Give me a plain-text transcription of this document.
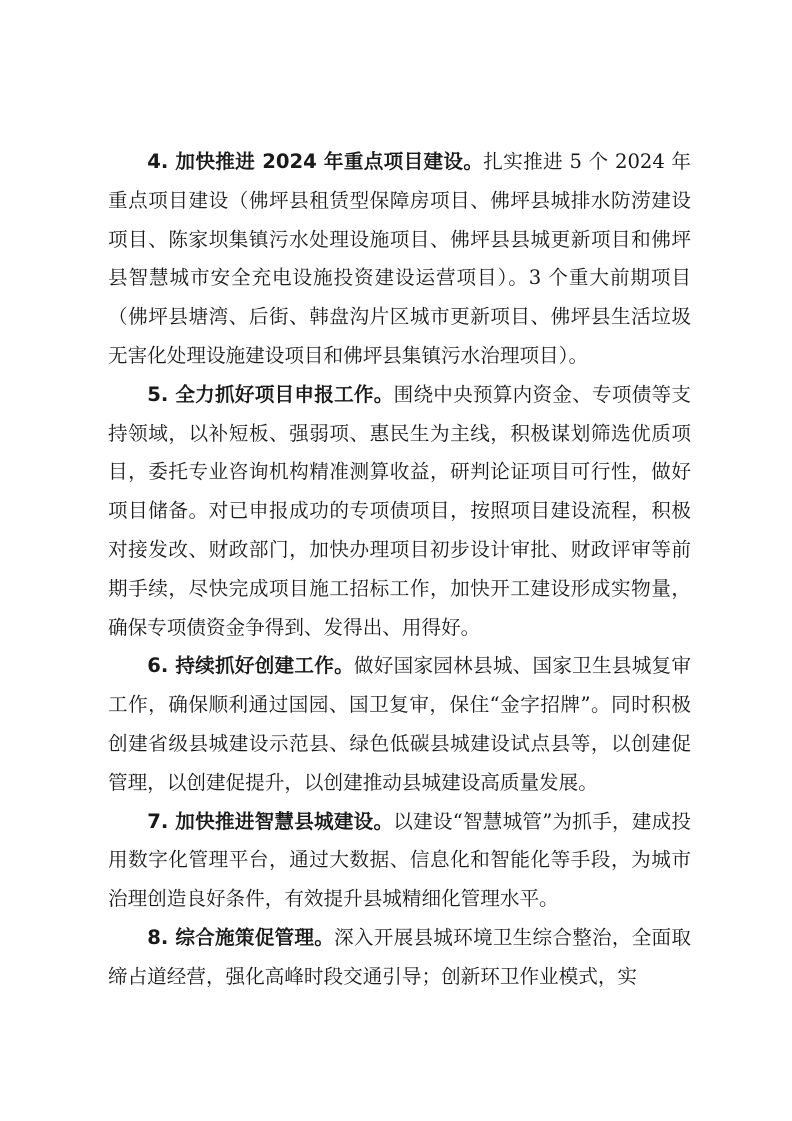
4. 加快推进 2024 年重点项目建设。扎实推进 5 个 2024 年重点项目建设（佛坪县租赁型保障房项目、佛坪县城排水防涝建设项目、陈家坝集镇污水处理设施项目、佛坪县县城更新项目和佛坪县智慧城市安全充电设施投资建设运营项目）。3 个重大前期项目（佛坪县塘湾、后街、韩盘沟片区城市更新项目、佛坪县生活垃圾无害化处理设施建设项目和佛坪县集镇污水治理项目）。

5. 全力抓好项目申报工作。围绕中央预算内资金、专项债等支持领域，以补短板、强弱项、惠民生为主线，积极谋划筛选优质项目，委托专业咨询机构精准测算收益，研判论证项目可行性，做好项目储备。对已申报成功的专项债项目，按照项目建设流程，积极对接发改、财政部门，加快办理项目初步设计审批、财政评审等前期手续，尽快完成项目施工招标工作，加快开工建设形成实物量，确保专项债资金争得到、发得出、用得好。

6. 持续抓好创建工作。做好国家园林县城、国家卫生县城复审工作，确保顺利通过国园、国卫复审，保住“金字招牌”。同时积极创建省级县城建设示范县、绿色低碳县城建设试点县等，以创建促管理，以创建促提升，以创建推动县城建设高质量发展。

7. 加快推进智慧县城建设。以建设“智慧城管”为抓手，建成投用数字化管理平台，通过大数据、信息化和智能化等手段，为城市治理创造良好条件，有效提升县城精细化管理水平。

8. 综合施策促管理。深入开展县城环境卫生综合整治，全面取缔占道经营，强化高峰时段交通引导；创新环卫作业模式，实
